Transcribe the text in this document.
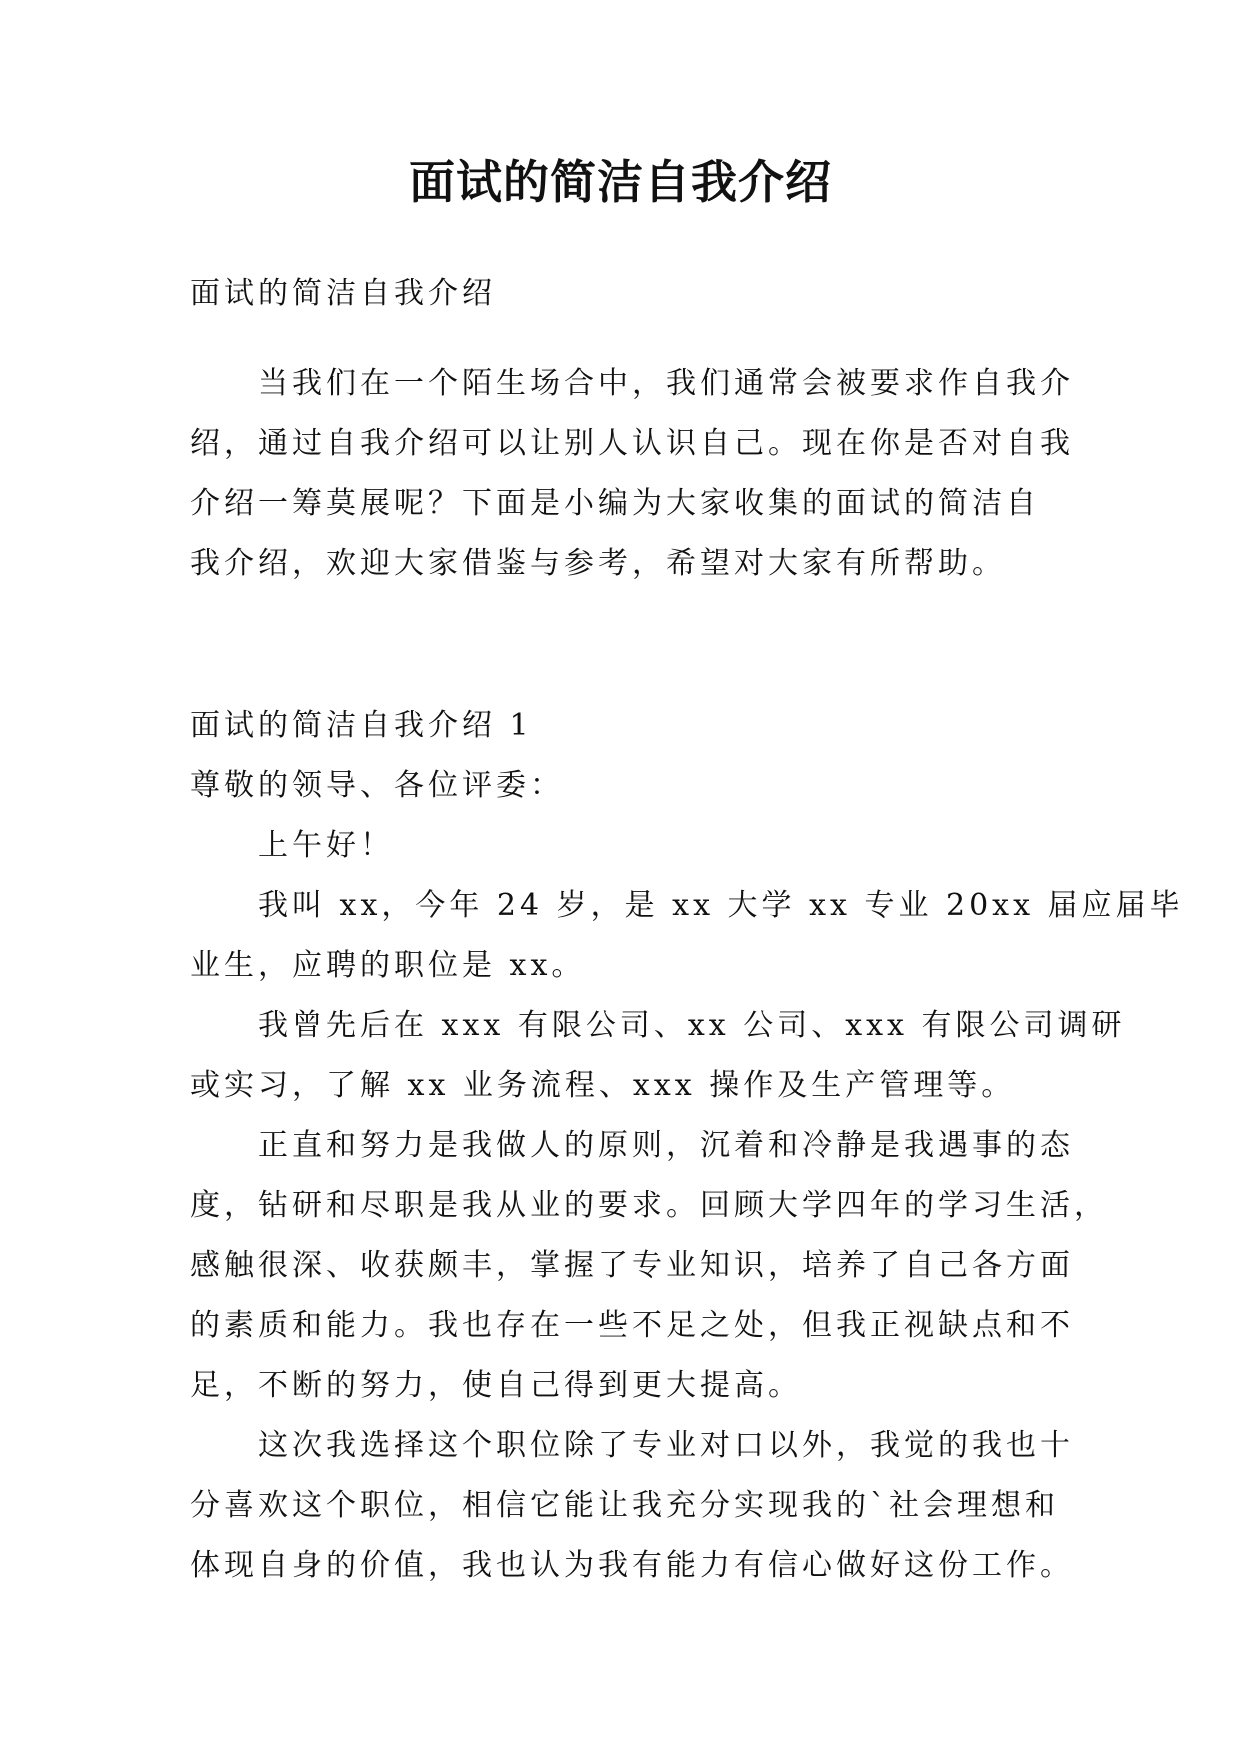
面试的简洁自我介绍
面试的简洁自我介绍
当我们在一个陌生场合中，我们通常会被要求作自我介
绍，通过自我介绍可以让别人认识自己。现在你是否对自我
介绍一筹莫展呢？下面是小编为大家收集的面试的简洁自
我介绍，欢迎大家借鉴与参考，希望对大家有所帮助。
面试的简洁自我介绍 1
尊敬的领导、各位评委：
上午好！
我叫 xx，今年 24 岁，是 xx 大学 xx 专业 20xx 届应届毕
业生，应聘的职位是 xx。
我曾先后在 xxx 有限公司、xx 公司、xxx 有限公司调研
或实习，了解 xx 业务流程、xxx 操作及生产管理等。
正直和努力是我做人的原则，沉着和冷静是我遇事的态
度，钻研和尽职是我从业的要求。回顾大学四年的学习生活，
感触很深、收获颇丰，掌握了专业知识，培养了自己各方面
的素质和能力。我也存在一些不足之处，但我正视缺点和不
足，不断的努力，使自己得到更大提高。
这次我选择这个职位除了专业对口以外，我觉的我也十
分喜欢这个职位，相信它能让我充分实现我的`社会理想和
体现自身的价值，我也认为我有能力有信心做好这份工作。
